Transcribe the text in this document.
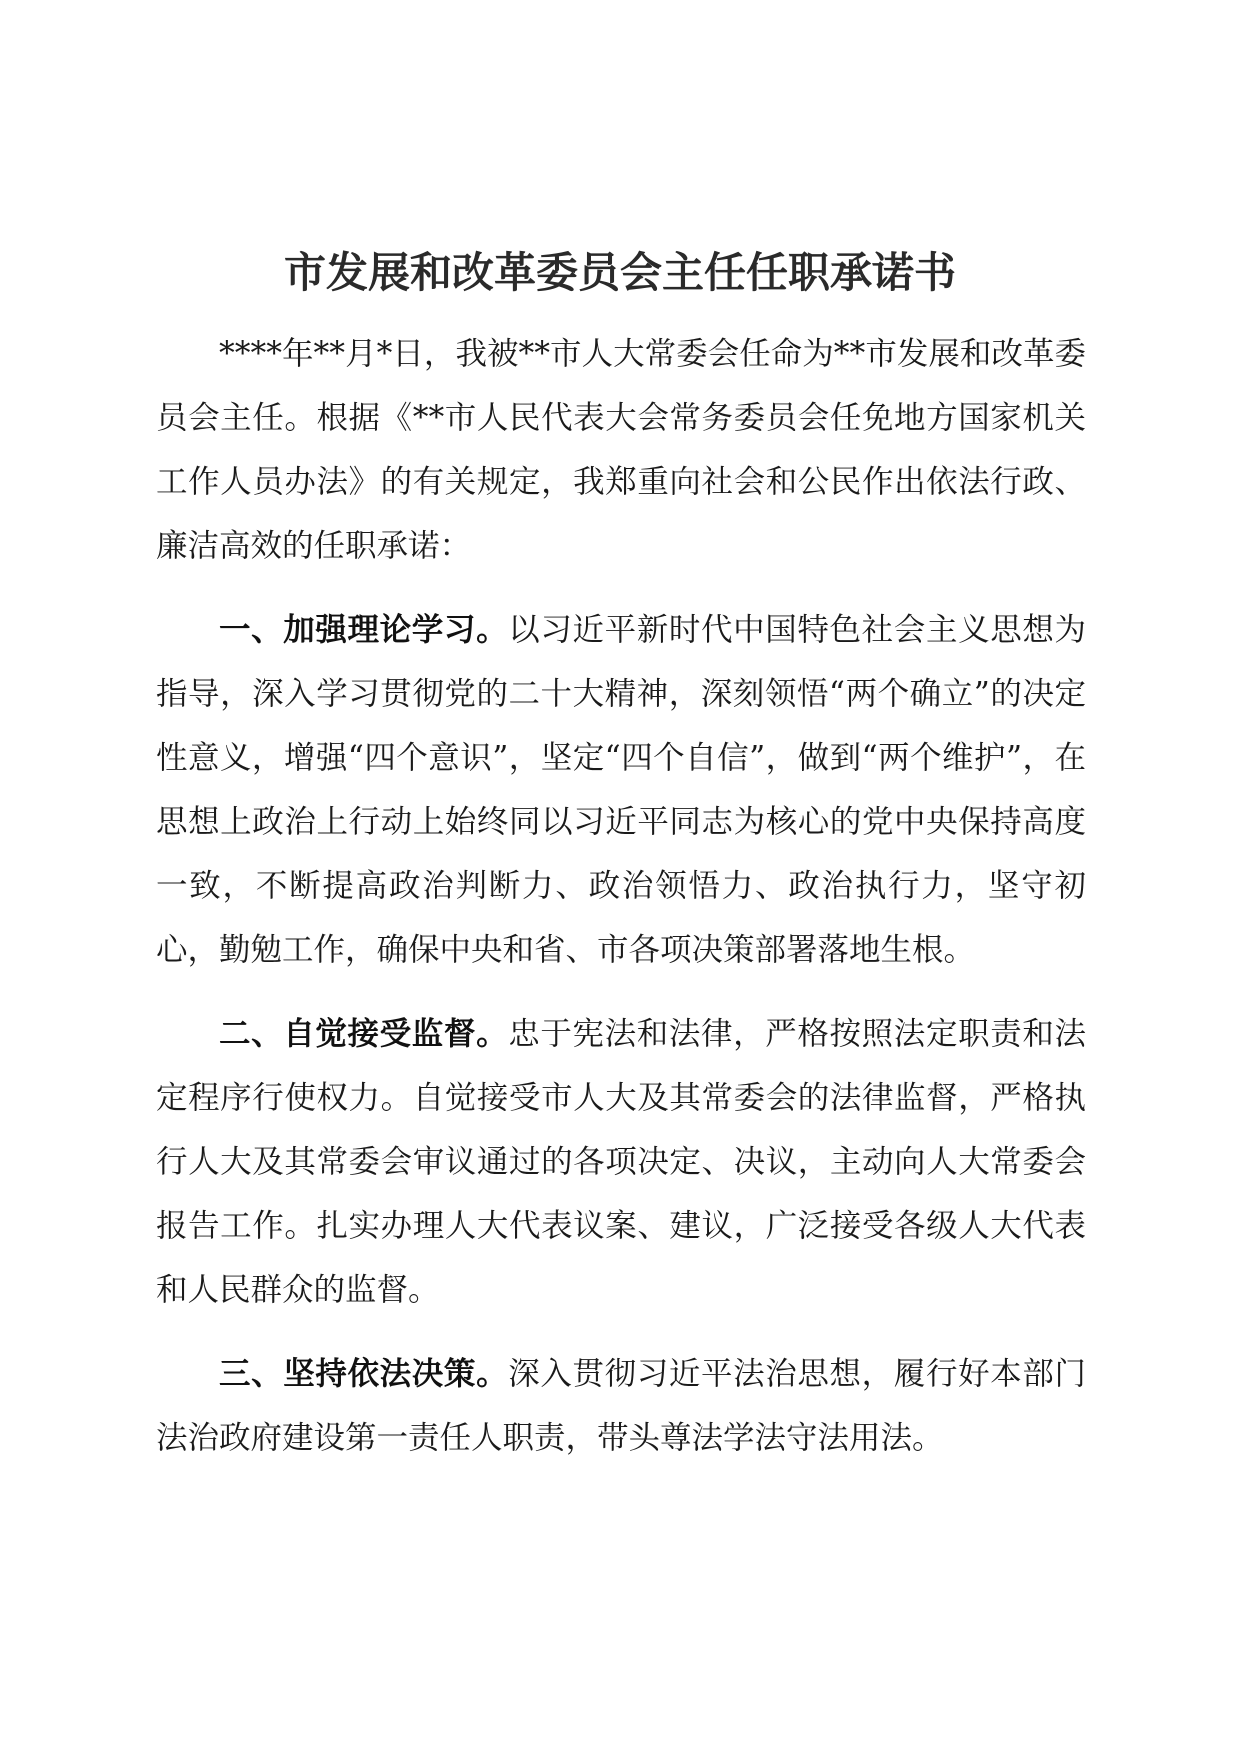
市发展和改革委员会主任任职承诺书

****年**月*日，我被**市人大常委会任命为**市发展和改革委员会主任。根据《**市人民代表大会常务委员会任免地方国家机关工作人员办法》的有关规定，我郑重向社会和公民作出依法行政、廉洁高效的任职承诺：

一、加强理论学习。以习近平新时代中国特色社会主义思想为指导，深入学习贯彻党的二十大精神，深刻领悟“两个确立”的决定性意义，增强“四个意识”，坚定“四个自信”，做到“两个维护”，在思想上政治上行动上始终同以习近平同志为核心的党中央保持高度一致，不断提高政治判断力、政治领悟力、政治执行力，坚守初心，勤勉工作，确保中央和省、市各项决策部署落地生根。

二、自觉接受监督。忠于宪法和法律，严格按照法定职责和法定程序行使权力。自觉接受市人大及其常委会的法律监督，严格执行人大及其常委会审议通过的各项决定、决议，主动向人大常委会报告工作。扎实办理人大代表议案、建议，广泛接受各级人大代表和人民群众的监督。

三、坚持依法决策。深入贯彻习近平法治思想，履行好本部门法治政府建设第一责任人职责，带头尊法学法守法用法。
